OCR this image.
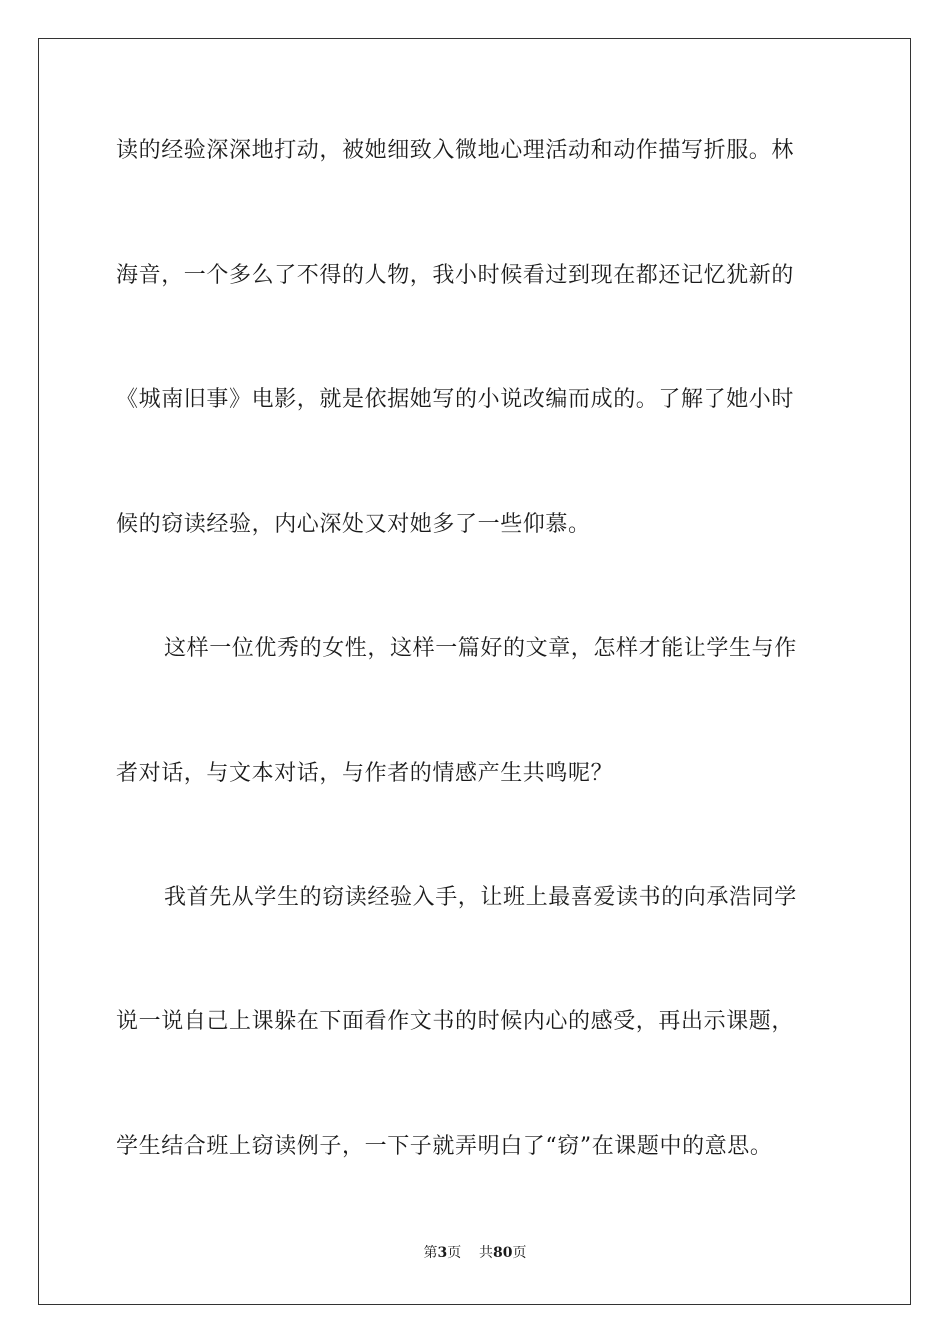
读的经验深深地打动，被她细致入微地心理活动和动作描写折服。林
海音，一个多么了不得的人物，我小时候看过到现在都还记忆犹新的
《城南旧事》电影，就是依据她写的小说改编而成的。了解了她小时
候的窃读经验，内心深处又对她多了一些仰慕。
这样一位优秀的女性，这样一篇好的文章，怎样才能让学生与作
者对话，与文本对话，与作者的情感产生共鸣呢？
我首先从学生的窃读经验入手，让班上最喜爱读书的向承浩同学
说一说自己上课躲在下面看作文书的时候内心的感受，再出示课题，
学生结合班上窃读例子，一下子就弄明白了“窃”在课题中的意思。
第3页 共80页
